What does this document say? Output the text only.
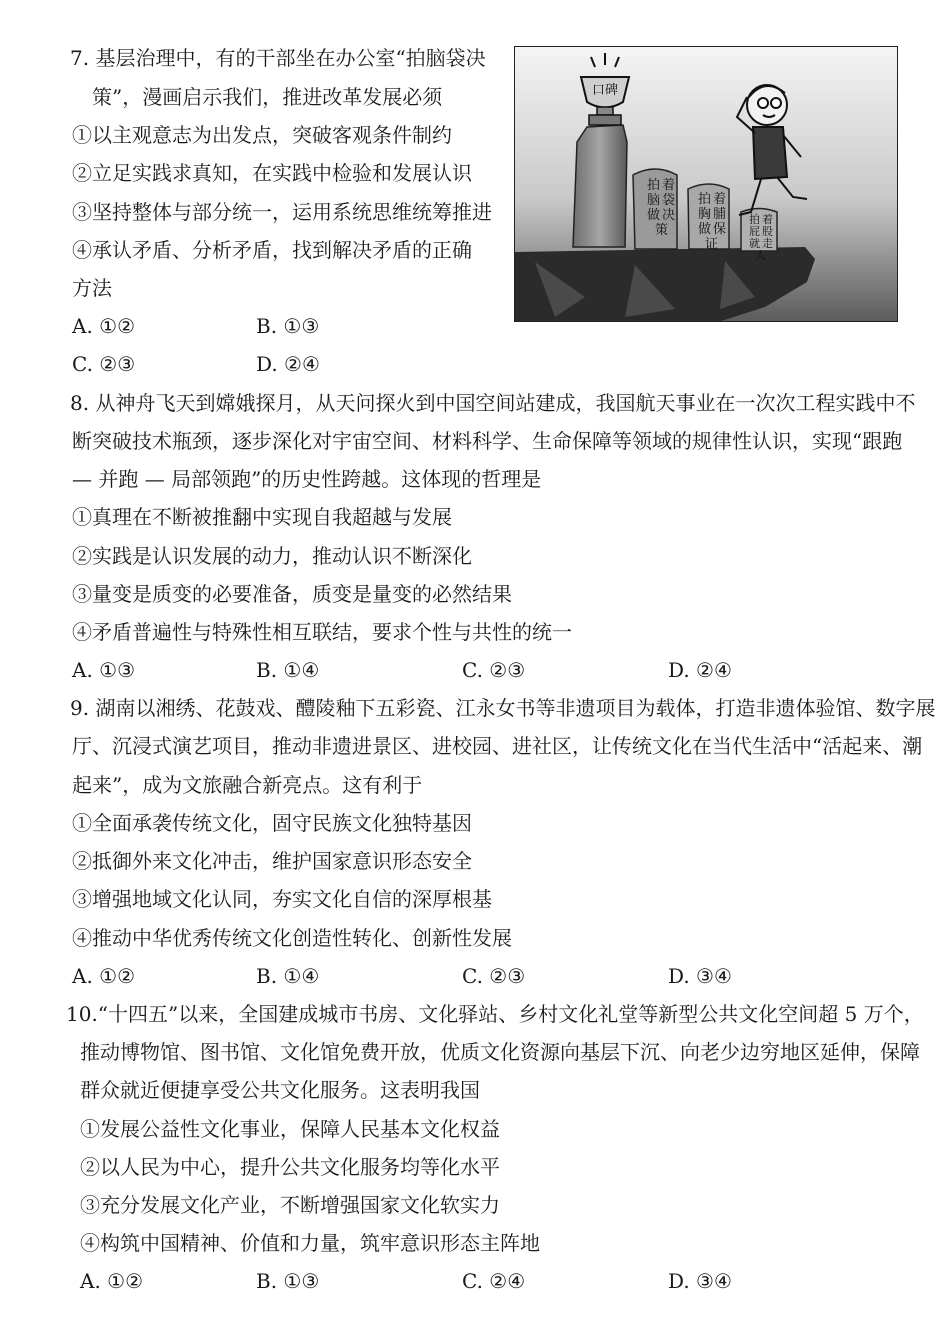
7. 基层治理中，有的干部坐在办公室“拍脑袋决
策”，漫画启示我们，推进改革发展必须
①以主观意志为出发点，突破客观条件制约
②立足实践求真知，在实践中检验和发展认识
③坚持整体与部分统一，运用系统思维统筹推进
④承认矛盾、分析矛盾，找到解决矛盾的正确
方法
A. ①②	B. ①③
C. ②③	D. ②④
口碑
拍脑做
着袋决策
拍胸做
着脯保证
拍屁就
着股走人
8. 从神舟飞天到嫦娥探月，从天问探火到中国空间站建成，我国航天事业在一次次工程实践中不
断突破技术瓶颈，逐步深化对宇宙空间、材料科学、生命保障等领域的规律性认识，实现“跟跑
— 并跑 — 局部领跑”的历史性跨越。这体现的哲理是
①真理在不断被推翻中实现自我超越与发展
②实践是认识发展的动力，推动认识不断深化
③量变是质变的必要准备，质变是量变的必然结果
④矛盾普遍性与特殊性相互联结，要求个性与共性的统一
A. ①③	B. ①④	C. ②③	D. ②④
9. 湖南以湘绣、花鼓戏、醴陵釉下五彩瓷、江永女书等非遗项目为载体，打造非遗体验馆、数字展
厅、沉浸式演艺项目，推动非遗进景区、进校园、进社区，让传统文化在当代生活中“活起来、潮
起来”，成为文旅融合新亮点。这有利于
①全面承袭传统文化，固守民族文化独特基因
②抵御外来文化冲击，维护国家意识形态安全
③增强地域文化认同，夯实文化自信的深厚根基
④推动中华优秀传统文化创造性转化、创新性发展
A. ①②	B. ①④	C. ②③	D. ③④
10.“十四五”以来，全国建成城市书房、文化驿站、乡村文化礼堂等新型公共文化空间超 5 万个，
推动博物馆、图书馆、文化馆免费开放，优质文化资源向基层下沉、向老少边穷地区延伸，保障
群众就近便捷享受公共文化服务。这表明我国
①发展公益性文化事业，保障人民基本文化权益
②以人民为中心，提升公共文化服务均等化水平
③充分发展文化产业，不断增强国家文化软实力
④构筑中国精神、价值和力量，筑牢意识形态主阵地
A. ①②	B. ①③	C. ②④	D. ③④
